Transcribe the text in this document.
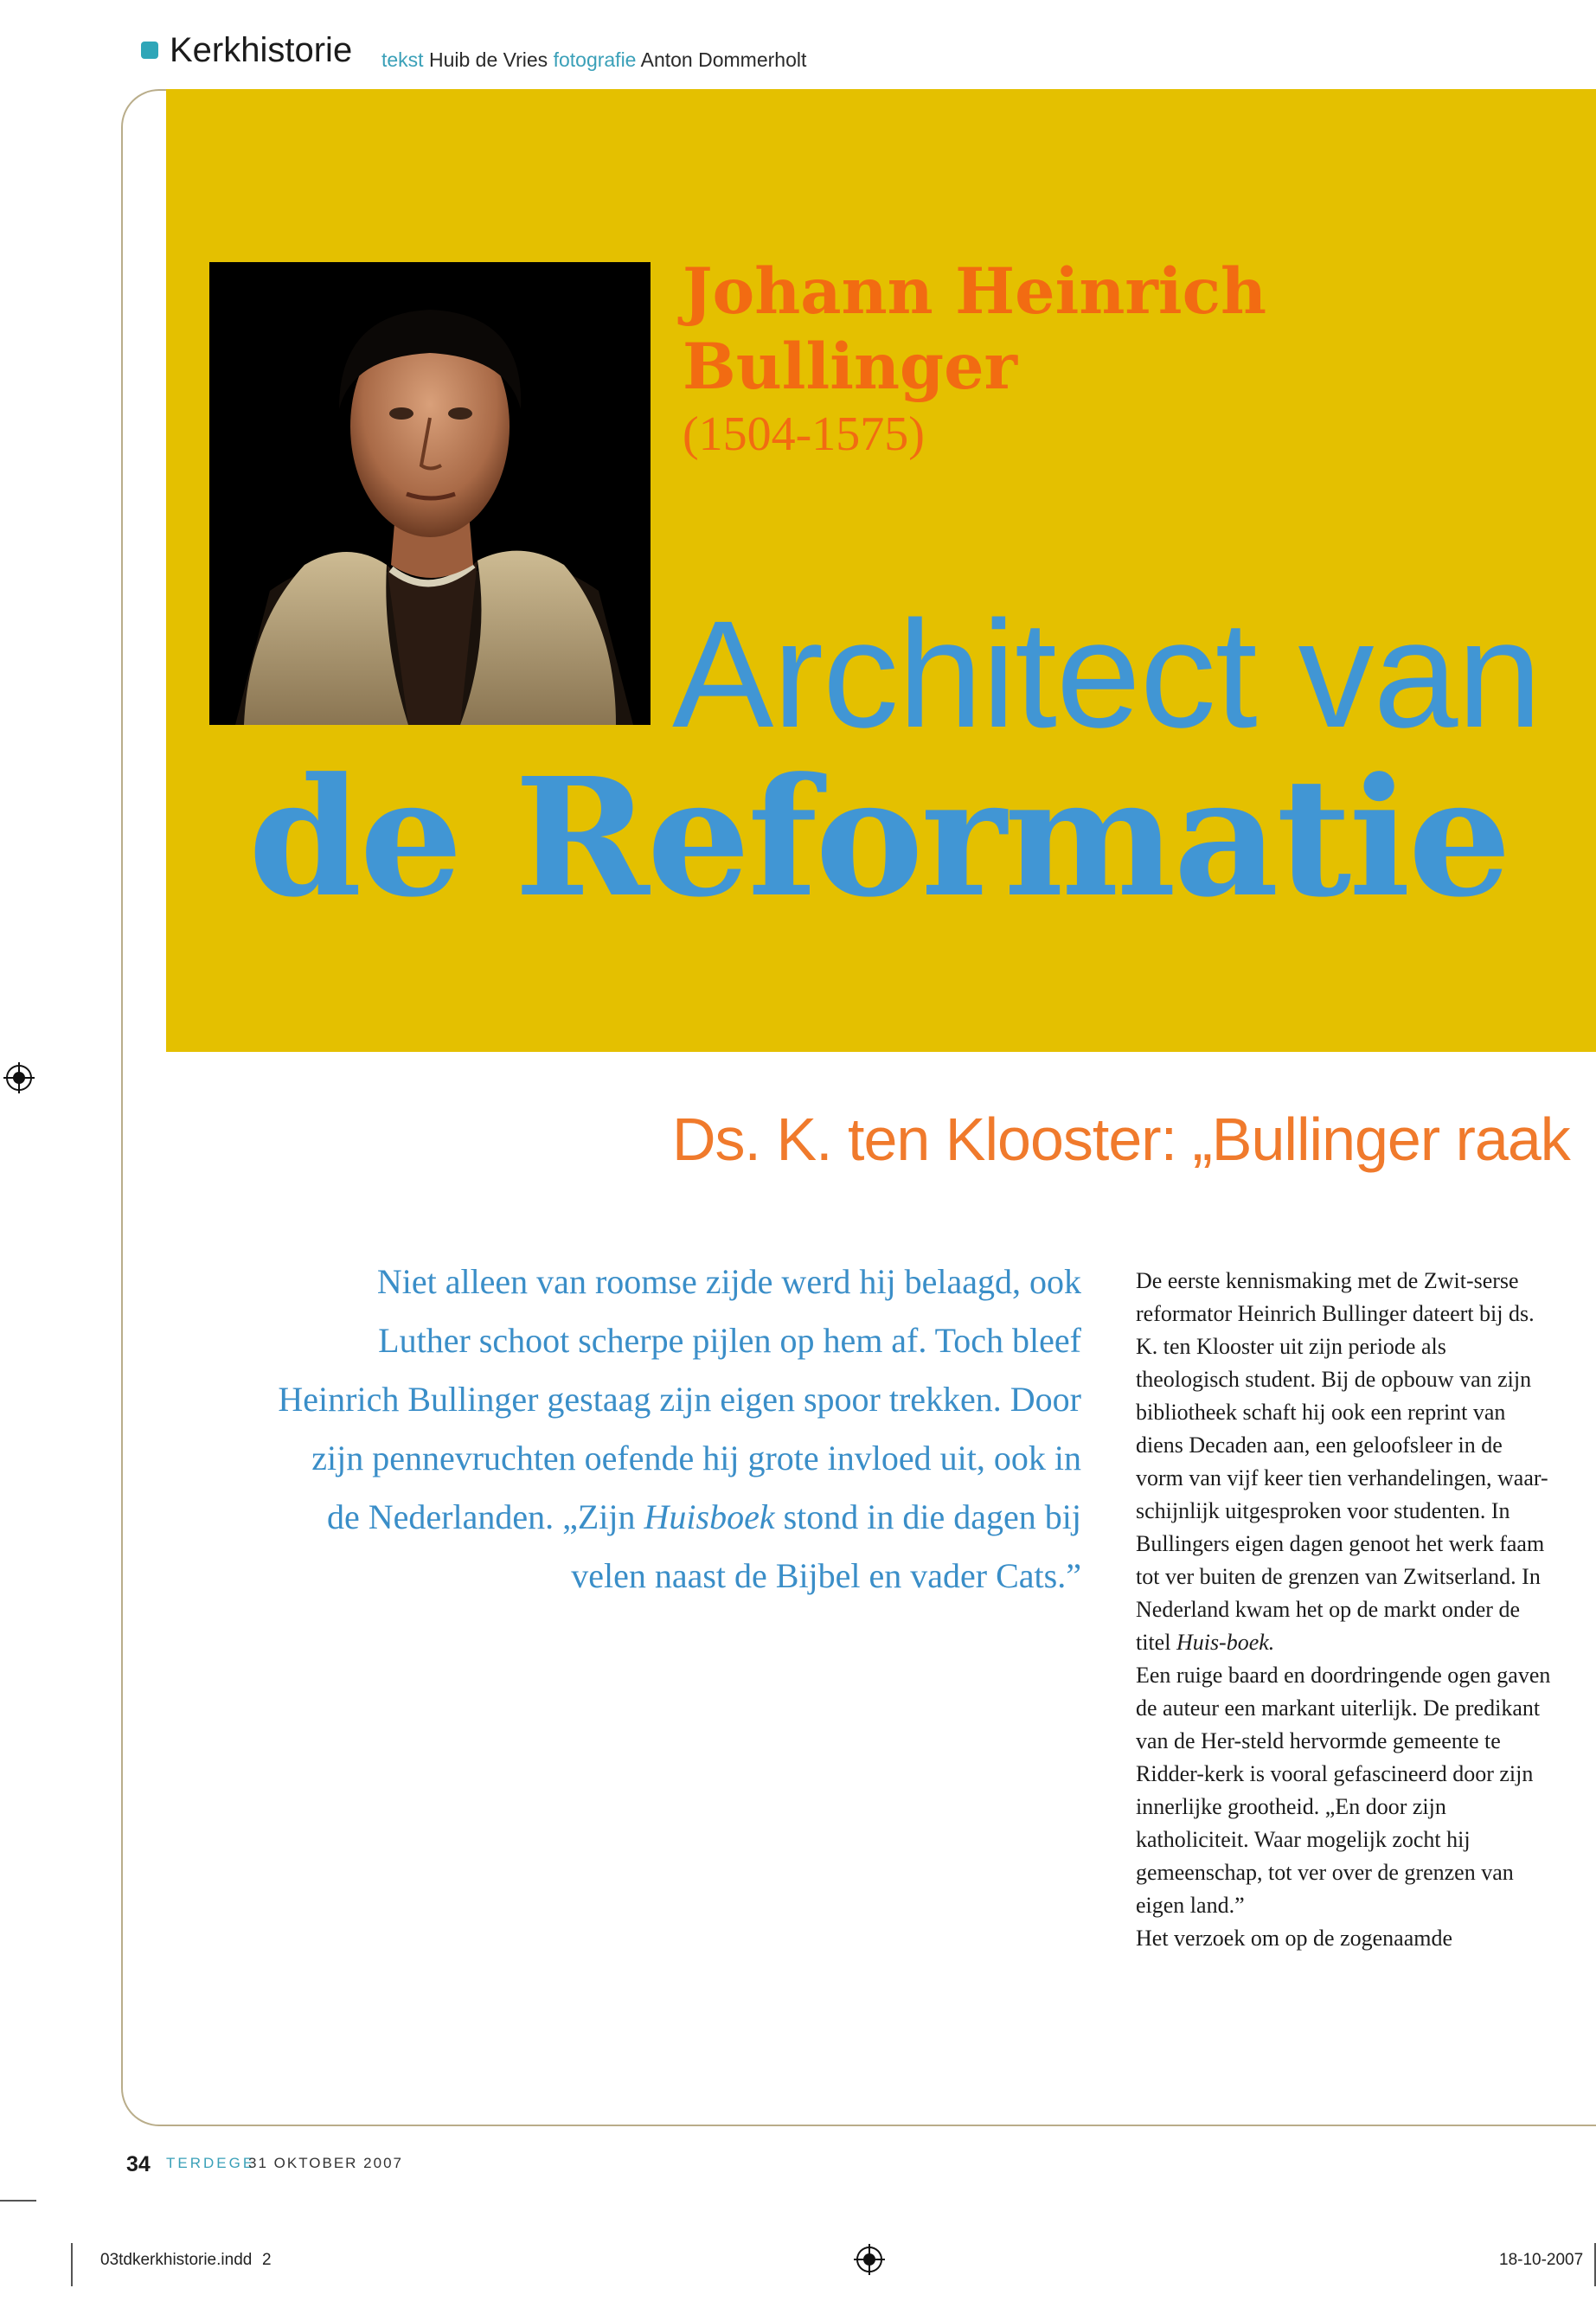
Kerkhistorie tekst Huib de Vries fotografie Anton Dommerholt
Johann Heinrich
Bullinger
(1504-1575)
Architect van
de Reformatie
Ds. K. ten Klooster: „Bullinger raak
Niet alleen van roomse zijde werd hij belaagd, ook Luther schoot scherpe pijlen op hem af. Toch bleef Heinrich Bullinger gestaag zijn eigen spoor trekken. Door zijn pennevruchten oefende hij grote invloed uit, ook in de Nederlanden. „Zijn Huisboek stond in die dagen bij velen naast de Bijbel en vader Cats.”

De eerste kennismaking met de Zwit-serse reformator Heinrich Bullinger dateert bij ds. K. ten Klooster uit zijn periode als theologisch student. Bij de opbouw van zijn bibliotheek schaft hij ook een reprint van diens Decaden aan, een geloofsleer in de vorm van vijf keer tien verhandelingen, waar-schijnlijk uitgesproken voor studenten. In Bullingers eigen dagen genoot het werk faam tot ver buiten de grenzen van Zwitserland. In Nederland kwam het op de markt onder de titel Huis-boek.

Een ruige baard en doordringende ogen gaven de auteur een markant uiterlijk. De predikant van de Her-steld hervormde gemeente te Ridder-kerk is vooral gefascineerd door zijn innerlijke grootheid. „En door zijn katholiciteit. Waar mogelijk zocht hij gemeenschap, tot ver over de grenzen van eigen land.”

Het verzoek om op de zogenaamde

34 TERDEGE
31 OKTOBER 2007
03tdkerkhistorie.indd 2	18-10-2007
